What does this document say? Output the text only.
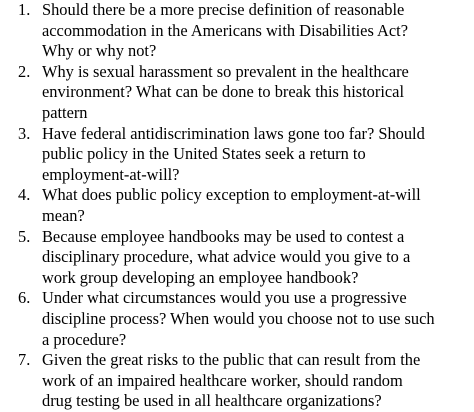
1. Should there be a more precise definition of reasonable
accommodation in the Americans with Disabilities Act?
Why or why not?
2. Why is sexual harassment so prevalent in the healthcare
environment? What can be done to break this historical
pattern
3. Have federal antidiscrimination laws gone too far? Should
public policy in the United States seek a return to
employment-at-will?
4. What does public policy exception to employment-at-will
mean?
5. Because employee handbooks may be used to contest a
disciplinary procedure, what advice would you give to a
work group developing an employee handbook?
6. Under what circumstances would you use a progressive
discipline process? When would you choose not to use such
a procedure?
7. Given the great risks to the public that can result from the
work of an impaired healthcare worker, should random
drug testing be used in all healthcare organizations?
